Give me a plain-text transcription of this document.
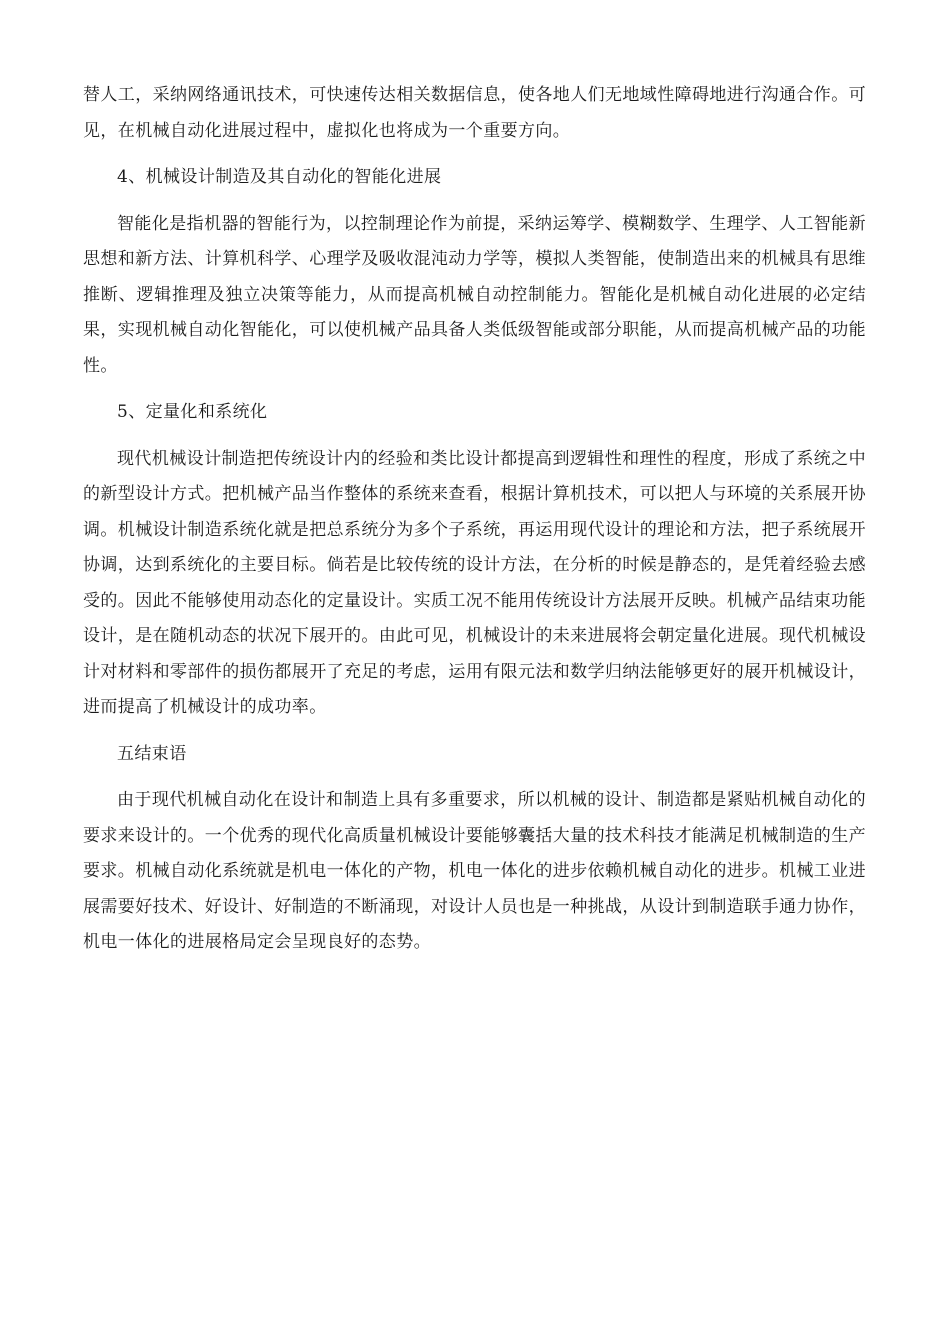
替人工，采纳网络通讯技术，可快速传达相关数据信息，使各地人们无地域性障碍地进行沟通合作。可见，在机械自动化进展过程中，虚拟化也将成为一个重要方向。

4、机械设计制造及其自动化的智能化进展

智能化是指机器的智能行为，以控制理论作为前提，采纳运筹学、模糊数学、生理学、人工智能新思想和新方法、计算机科学、心理学及吸收混沌动力学等，模拟人类智能，使制造出来的机械具有思维推断、逻辑推理及独立决策等能力，从而提高机械自动控制能力。智能化是机械自动化进展的必定结果，实现机械自动化智能化，可以使机械产品具备人类低级智能或部分职能，从而提高机械产品的功能性。

5、定量化和系统化

现代机械设计制造把传统设计内的经验和类比设计都提高到逻辑性和理性的程度，形成了系统之中的新型设计方式。把机械产品当作整体的系统来查看，根据计算机技术，可以把人与环境的关系展开协调。机械设计制造系统化就是把总系统分为多个子系统，再运用现代设计的理论和方法，把子系统展开协调，达到系统化的主要目标。倘若是比较传统的设计方法，在分析的时候是静态的，是凭着经验去感受的。因此不能够使用动态化的定量设计。实质工况不能用传统设计方法展开反映。机械产品结束功能设计，是在随机动态的状况下展开的。由此可见，机械设计的未来进展将会朝定量化进展。现代机械设计对材料和零部件的损伤都展开了充足的考虑，运用有限元法和数学归纳法能够更好的展开机械设计，进而提高了机械设计的成功率。

五结束语

由于现代机械自动化在设计和制造上具有多重要求，所以机械的设计、制造都是紧贴机械自动化的要求来设计的。一个优秀的现代化高质量机械设计要能够囊括大量的技术科技才能满足机械制造的生产要求。机械自动化系统就是机电一体化的产物，机电一体化的进步依赖机械自动化的进步。机械工业进展需要好技术、好设计、好制造的不断涌现，对设计人员也是一种挑战，从设计到制造联手通力协作，机电一体化的进展格局定会呈现良好的态势。
